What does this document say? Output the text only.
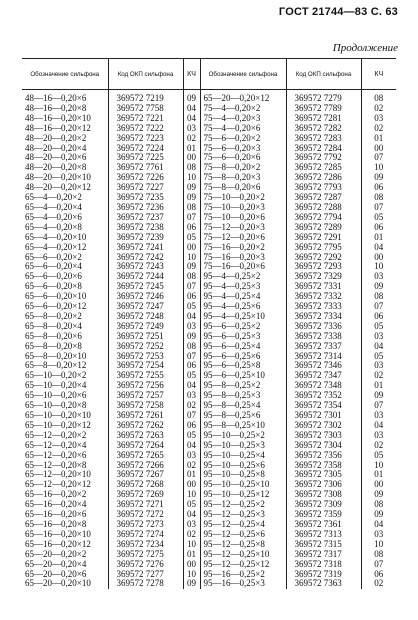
ГОСТ 21744—83 С. 63
Продолжение
Обозначение сильфона	Код ОКП сильфона	КЧ	Обозначение сильфона	Код ОКП сильфона	КЧ

48—16—0,20×6	369572 7219	09	65—20—0,20×12	369572 7279	08
48—16—0,20×8	369572 7758	04	75—4—0,20×2	369572 7789	02
48—16—0,20×10	369572 7221	04	75—4—0,20×3	369572 7281	03
48—16—0,20×12	369572 7222	03	75—4—0,20×6	369572 7282	02
48—20—0,20×2	369572 7223	02	75—6—0,20×2	369572 7283	01
48—20—0,20×4	369572 7224	01	75—6—0,20×3	369572 7284	00
48—20—0,20×6	369572 7225	00	75—6—0,20×6	369572 7792	07
48—20—0,20×8	369572 7761	08	75—8—0,20×2	369572 7285	10
48—20—0,20×10	369572 7226	10	75—8—0,20×3	369572 7286	09
48—20—0,20×12	369572 7227	09	75—8—0,20×6	369572 7793	06
65—4—0,20×2	369572 7235	09	75—10—0,20×2	369572 7287	08
65—4—0,20×4	369572 7236	08	75—10—0,20×3	369572 7288	07
65—4—0,20×6	369572 7237	07	75—10—0,20×6	369572 7794	05
65—4—0,20×8	369572 7238	06	75—12—0,20×3	369572 7289	06
65—4—0,20×10	369572 7239	05	75—12—0,20×6	369572 7291	01
65—4—0,20×12	369572 7241	00	75—16—0,20×2	369572 7795	04
65—6—0,20×2	369572 7242	10	75—16—0,20×3	369572 7292	00
65—6—0,20×4	369572 7243	09	75—16—0,20×6	369572 7293	10
65—6—0,20×6	369572 7244	08	95—4—0,25×2	369572 7329	03
65—6—0,20×8	369572 7245	07	95—4—0,25×3	369572 7331	09
65—6—0,20×10	369572 7246	06	95—4—0,25×4	369572 7332	08
65—6—0,20×12	369572 7247	05	95—4—0,25×6	369572 7333	07
65—8—0,20×2	369572 7248	04	95—4—0,25×10	369572 7334	06
65—8—0,20×4	369572 7249	03	95—6—0,25×2	369572 7336	05
65—8—0,20×6	369572 7251	09	95—6—0,25×3	369572 7338	03
65—8—0,20×8	369572 7252	08	95—6—0,25×4	369572 7337	04
65—8—0,20×10	369572 7253	07	95—6—0,25×6	369572 7314	05
65—8—0,20×12	369572 7254	06	95—6—0,25×8	369572 7346	03
65—10—0,20×2	369572 7255	05	95—6—0,25×10	369572 7347	02
65—10—0,20×4	369572 7256	04	95—8—0,25×2	369572 7348	01
65—10—0,20×6	369572 7257	03	95—8—0,25×3	369572 7352	09
65—10—0,20×8	369572 7258	02	95—8—0,25×4	369572 7354	07
65—10—0,20×10	369572 7261	07	95—8—0,25×6	369572 7301	03
65—10—0,20×12	369572 7262	06	95—8—0,25×10	369572 7302	04
65—12—0,20×2	369572 7263	05	95—10—0,25×2	369572 7303	03
65—12—0,20×4	369572 7264	04	95—10—0,25×3	369572 7304	02
65—12—0,20×6	369572 7265	03	95—10—0,25×4	369572 7356	05
65—12—0,20×8	369572 7266	02	95—10—0,25×6	369572 7358	10
65—12—0,20×10	369572 7267	01	95—10—0,25×8	369572 7305	01
65—12—0,20×12	369572 7268	00	95—10—0,25×10	369572 7306	00
65—16—0,20×2	369572 7269	10	95—10—0,25×12	369572 7308	09
65—16—0,20×4	369572 7271	05	95—12—0,25×2	369572 7309	08
65—16—0,20×6	369572 7272	04	95—12—0,25×3	369572 7359	09
65—16—0,20×8	369572 7273	03	95—12—0,25×4	369572 7361	04
65—16—0,20×10	369572 7274	02	95—12—0,25×6	369572 7313	03
65—16—0,20×12	369572 7234	10	95—12—0,25×8	369572 7315	10
65—20—0,20×2	369572 7275	01	95—12—0,25×10	369572 7317	08
65—20—0,20×4	369572 7276	00	95—12—0,25×12	369572 7318	07
65—20—0,20×6	369572 7277	10	95—16—0,25×2	369572 7319	06
65—20—0,20×10	369572 7278	09	95—16—0,25×3	369572 7363	02
